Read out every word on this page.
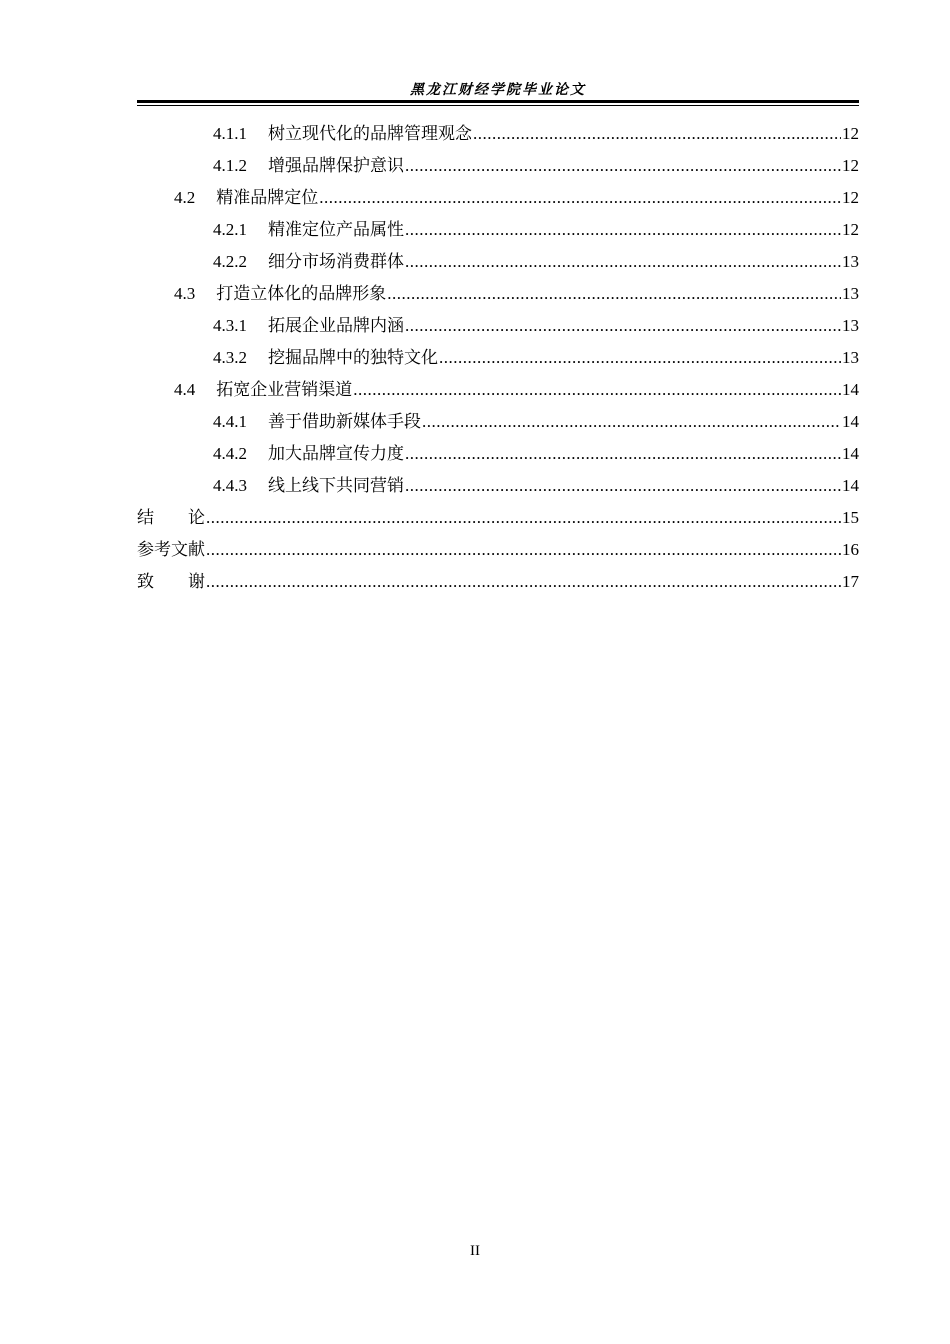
黑龙江财经学院毕业论文
4.1.1 树立现代化的品牌管理观念 .....	12
4.1.2 增强品牌保护意识 .....	12
4.2 精准品牌定位 .....	12
4.2.1 精准定位产品属性 .....	12
4.2.2 细分市场消费群体 .....	13
4.3 打造立体化的品牌形象 .....	13
4.3.1 拓展企业品牌内涵 .....	13
4.3.2 挖掘品牌中的独特文化 .....	13
4.4 拓宽企业营销渠道 .....	14
4.4.1 善于借助新媒体手段 .....	14
4.4.2 加大品牌宣传力度 .....	14
4.4.3 线上线下共同营销 .....	14
结　　论 .....	15
参考文献 .....	16
致　　谢 .....	17
II
